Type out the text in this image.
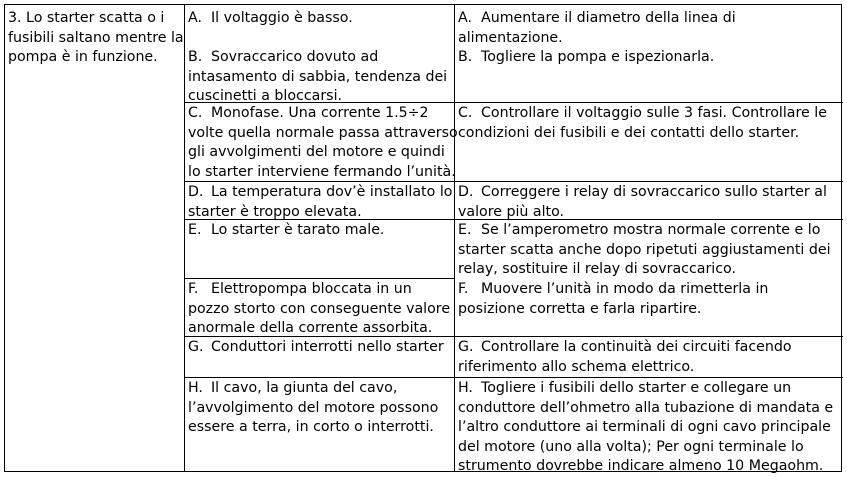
3. Lo starter scatta o i
fusibili saltano mentre la
pompa è in funzione.
A. Il voltaggio è basso.
B. Sovraccarico dovuto ad
intasamento di sabbia, tendenza dei
cuscinetti a bloccarsi.
C. Monofase. Una corrente 1.5÷2
volte quella normale passa attraverso
gli avvolgimenti del motore e quindi
lo starter interviene fermando l’unità.
D. La temperatura dov’è installato lo
starter è troppo elevata.
E. Lo starter è tarato male.
F. Elettropompa bloccata in un
pozzo storto con conseguente valore
anormale della corrente assorbita.
G. Conduttori interrotti nello starter
H. Il cavo, la giunta del cavo,
l’avvolgimento del motore possono
essere a terra, in corto o interrotti.
A. Aumentare il diametro della linea di
alimentazione.
B. Togliere la pompa e ispezionarla.
C. Controllare il voltaggio sulle 3 fasi. Controllare le
condizioni dei fusibili e dei contatti dello starter.
D. Correggere i relay di sovraccarico sullo starter al
valore più alto.
E. Se l’amperometro mostra normale corrente e lo
starter scatta anche dopo ripetuti aggiustamenti dei
relay, sostituire il relay di sovraccarico.
F. Muovere l’unità in modo da rimetterla in
posizione corretta e farla ripartire.
G. Controllare la continuità dei circuiti facendo
riferimento allo schema elettrico.
H. Togliere i fusibili dello starter e collegare un
conduttore dell’ohmetro alla tubazione di mandata e
l’altro conduttore ai terminali di ogni cavo principale
del motore (uno alla volta); Per ogni terminale lo
strumento dovrebbe indicare almeno 10 Megaohm.
